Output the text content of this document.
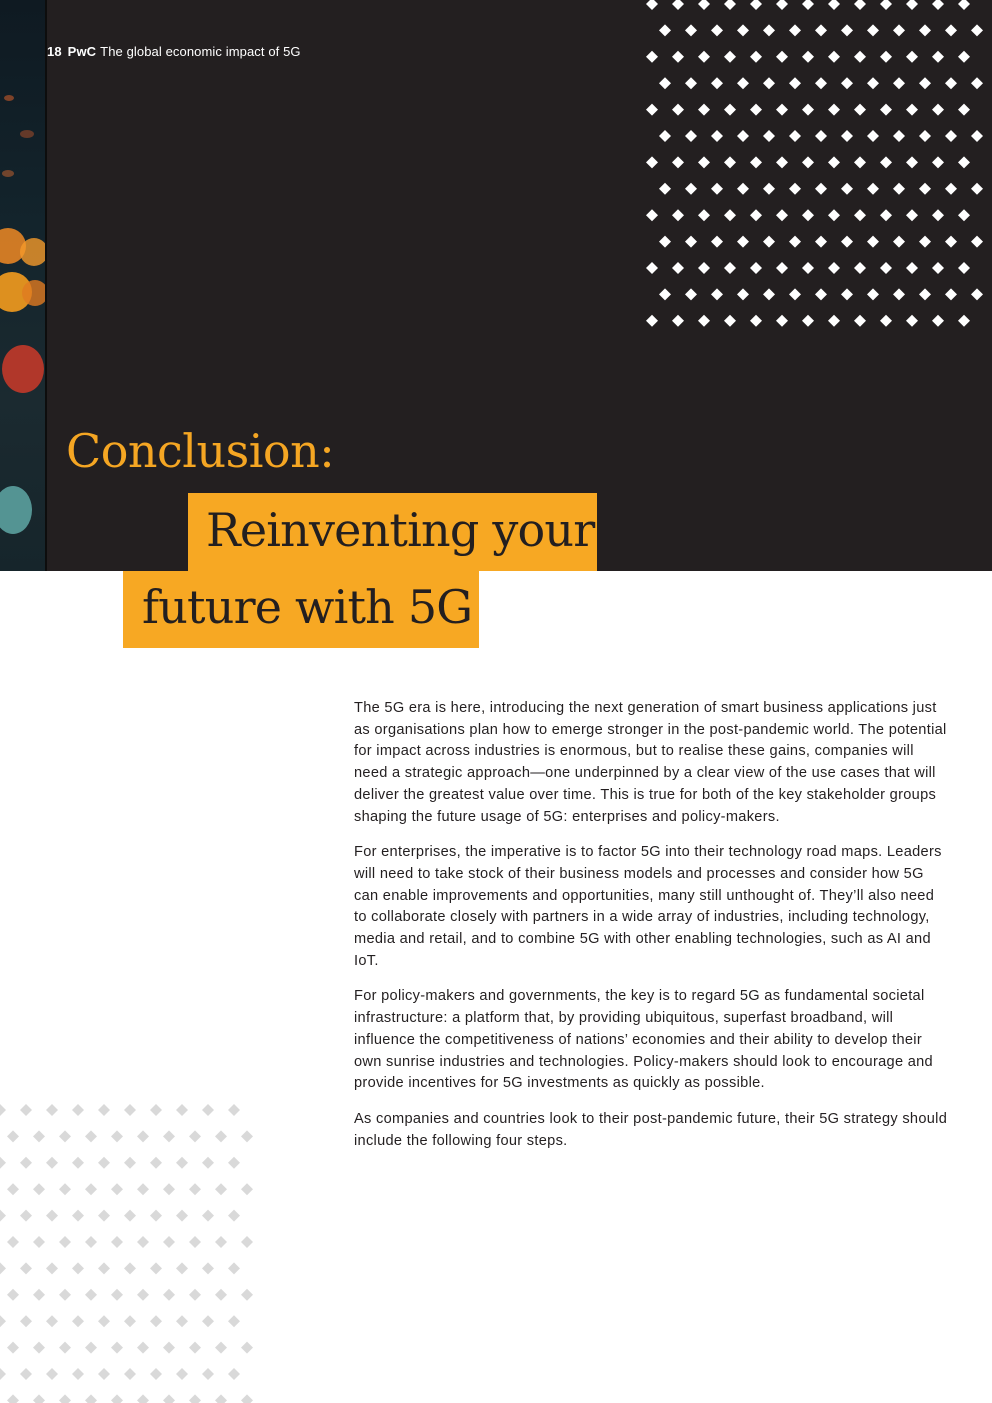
18 PwC The global economic impact of 5G
Conclusion:
Reinventing your
future with 5G

The 5G era is here, introducing the next generation of smart business applications just as organisations plan how to emerge stronger in the post-pandemic world. The potential for impact across industries is enormous, but to realise these gains, companies will need a strategic approach—one underpinned by a clear view of the use cases that will deliver the greatest value over time. This is true for both of the key stakeholder groups shaping the future usage of 5G: enterprises and policy-makers.

For enterprises, the imperative is to factor 5G into their technology road maps. Leaders will need to take stock of their business models and processes and consider how 5G can enable improvements and opportunities, many still unthought of. They’ll also need to collaborate closely with partners in a wide array of industries, including technology, media and retail, and to combine 5G with other enabling technologies, such as AI and IoT.

For policy-makers and governments, the key is to regard 5G as fundamental societal infrastructure: a platform that, by providing ubiquitous, superfast broadband, will influence the competitiveness of nations’ economies and their ability to develop their own sunrise industries and technologies. Policy-makers should look to encourage and provide incentives for 5G investments as quickly as possible.

As companies and countries look to their post-pandemic future, their 5G strategy should include the following four steps.
